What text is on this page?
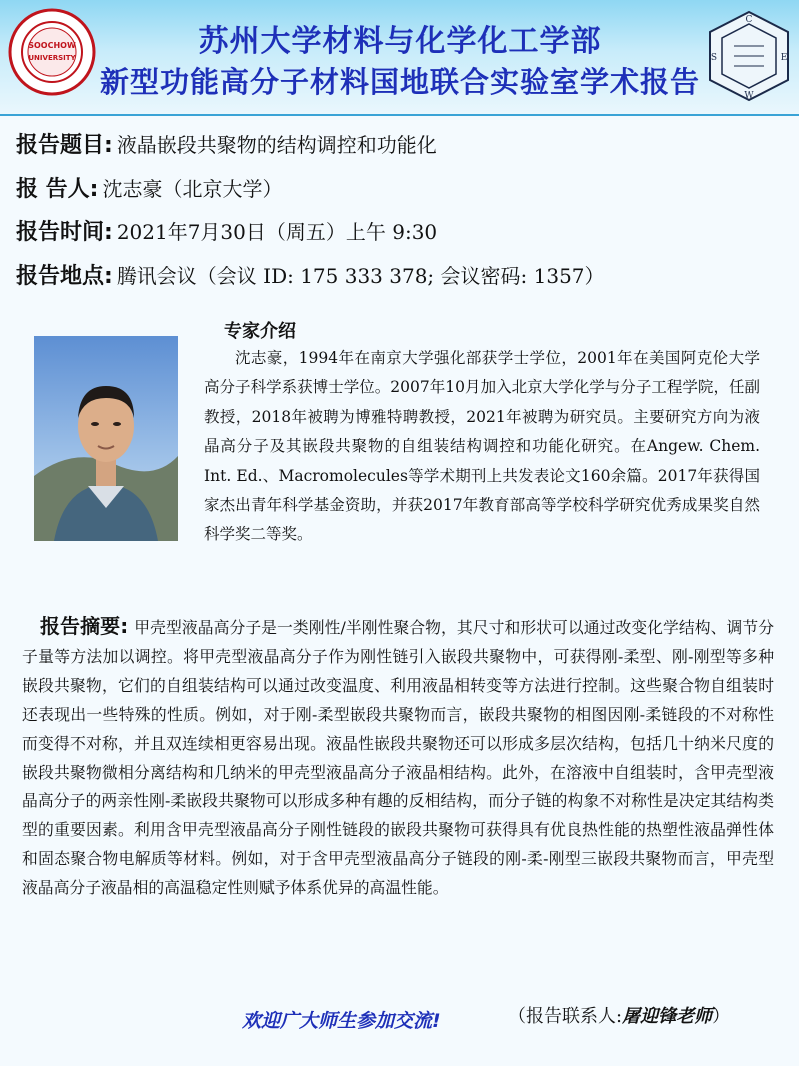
SOOCHOW
UNIVERSITY	苏州大学材料与化学化工学部
新型功能高分子材料国地联合实验室学术报告
C
E
W
S
报告题目: 液晶嵌段共聚物的结构调控和功能化
报 告人: 沈志豪（北京大学）
报告时间: 2021年7月30日（周五）上午 9:30
报告地点: 腾讯会议（会议 ID: 175 333 378; 会议密码: 1357）
专家介绍
沈志豪，1994年在南京大学强化部获学士学位，2001年在美国阿克伦大学高分子科学系获博士学位。2007年10月加入北京大学化学与分子工程学院，任副教授，2018年被聘为博雅特聘教授，2021年被聘为研究员。主要研究方向为液晶高分子及其嵌段共聚物的自组装结构调控和功能化研究。在Angew. Chem. Int. Ed.、Macromolecules等学术期刊上共发表论文160余篇。2017年获得国家杰出青年科学基金资助，并获2017年教育部高等学校科学研究优秀成果奖自然科学奖二等奖。
报告摘要: 甲壳型液晶高分子是一类刚性/半刚性聚合物，其尺寸和形状可以通过改变化学结构、调节分子量等方法加以调控。将甲壳型液晶高分子作为刚性链引入嵌段共聚物中，可获得刚-柔型、刚-刚型等多种嵌段共聚物，它们的自组装结构可以通过改变温度、利用液晶相转变等方法进行控制。这些聚合物自组装时还表现出一些特殊的性质。例如，对于刚-柔型嵌段共聚物而言，嵌段共聚物的相图因刚-柔链段的不对称性而变得不对称，并且双连续相更容易出现。液晶性嵌段共聚物还可以形成多层次结构，包括几十纳米尺度的嵌段共聚物微相分离结构和几纳米的甲壳型液晶高分子液晶相结构。此外，在溶液中自组装时，含甲壳型液晶高分子的两亲性刚-柔嵌段共聚物可以形成多种有趣的反相结构，而分子链的构象不对称性是决定其结构类型的重要因素。利用含甲壳型液晶高分子刚性链段的嵌段共聚物可获得具有优良热性能的热塑性液晶弹性体和固态聚合物电解质等材料。例如，对于含甲壳型液晶高分子链段的刚-柔-刚型三嵌段共聚物而言，甲壳型液晶高分子液晶相的高温稳定性则赋予体系优异的高温性能。
欢迎广大师生参加交流!	（报告联系人:屠迎锋老师）
